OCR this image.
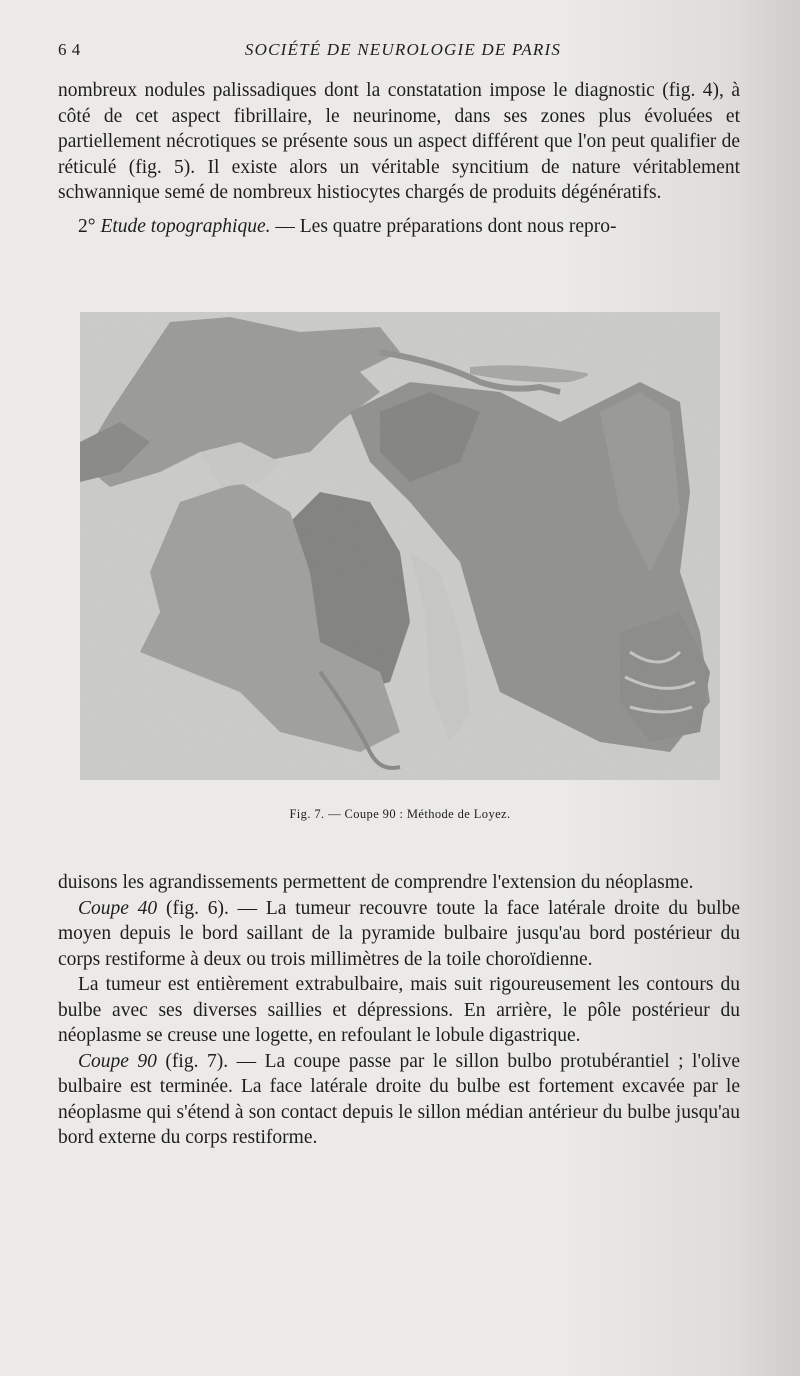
6 4	SOCIÉTÉ DE NEUROLOGIE DE PARIS

nombreux nodules palissadiques dont la constatation impose le diagnostic (fig. 4), à côté de cet aspect fibrillaire, le neurinome, dans ses zones plus évoluées et partiellement nécrotiques se présente sous un aspect différent que l'on peut qualifier de réticulé (fig. 5). Il existe alors un véritable syncitium de nature véritablement schwannique semé de nombreux histiocytes chargés de produits dégénératifs.

2° Etude topographique. — Les quatre préparations dont nous repro-

Fig. 7. — Coupe 90 : Méthode de Loyez.

duisons les agrandissements permettent de comprendre l'extension du néoplasme.

Coupe 40 (fig. 6). — La tumeur recouvre toute la face latérale droite du bulbe moyen depuis le bord saillant de la pyramide bulbaire jusqu'au bord postérieur du corps restiforme à deux ou trois millimètres de la toile choroïdienne.

La tumeur est entièrement extrabulbaire, mais suit rigoureusement les contours du bulbe avec ses diverses saillies et dépressions. En arrière, le pôle postérieur du néoplasme se creuse une logette, en refoulant le lobule digastrique.

Coupe 90 (fig. 7). — La coupe passe par le sillon bulbo protubérantiel ; l'olive bulbaire est terminée. La face latérale droite du bulbe est fortement excavée par le néoplasme qui s'étend à son contact depuis le sillon médian antérieur du bulbe jusqu'au bord externe du corps restiforme.
